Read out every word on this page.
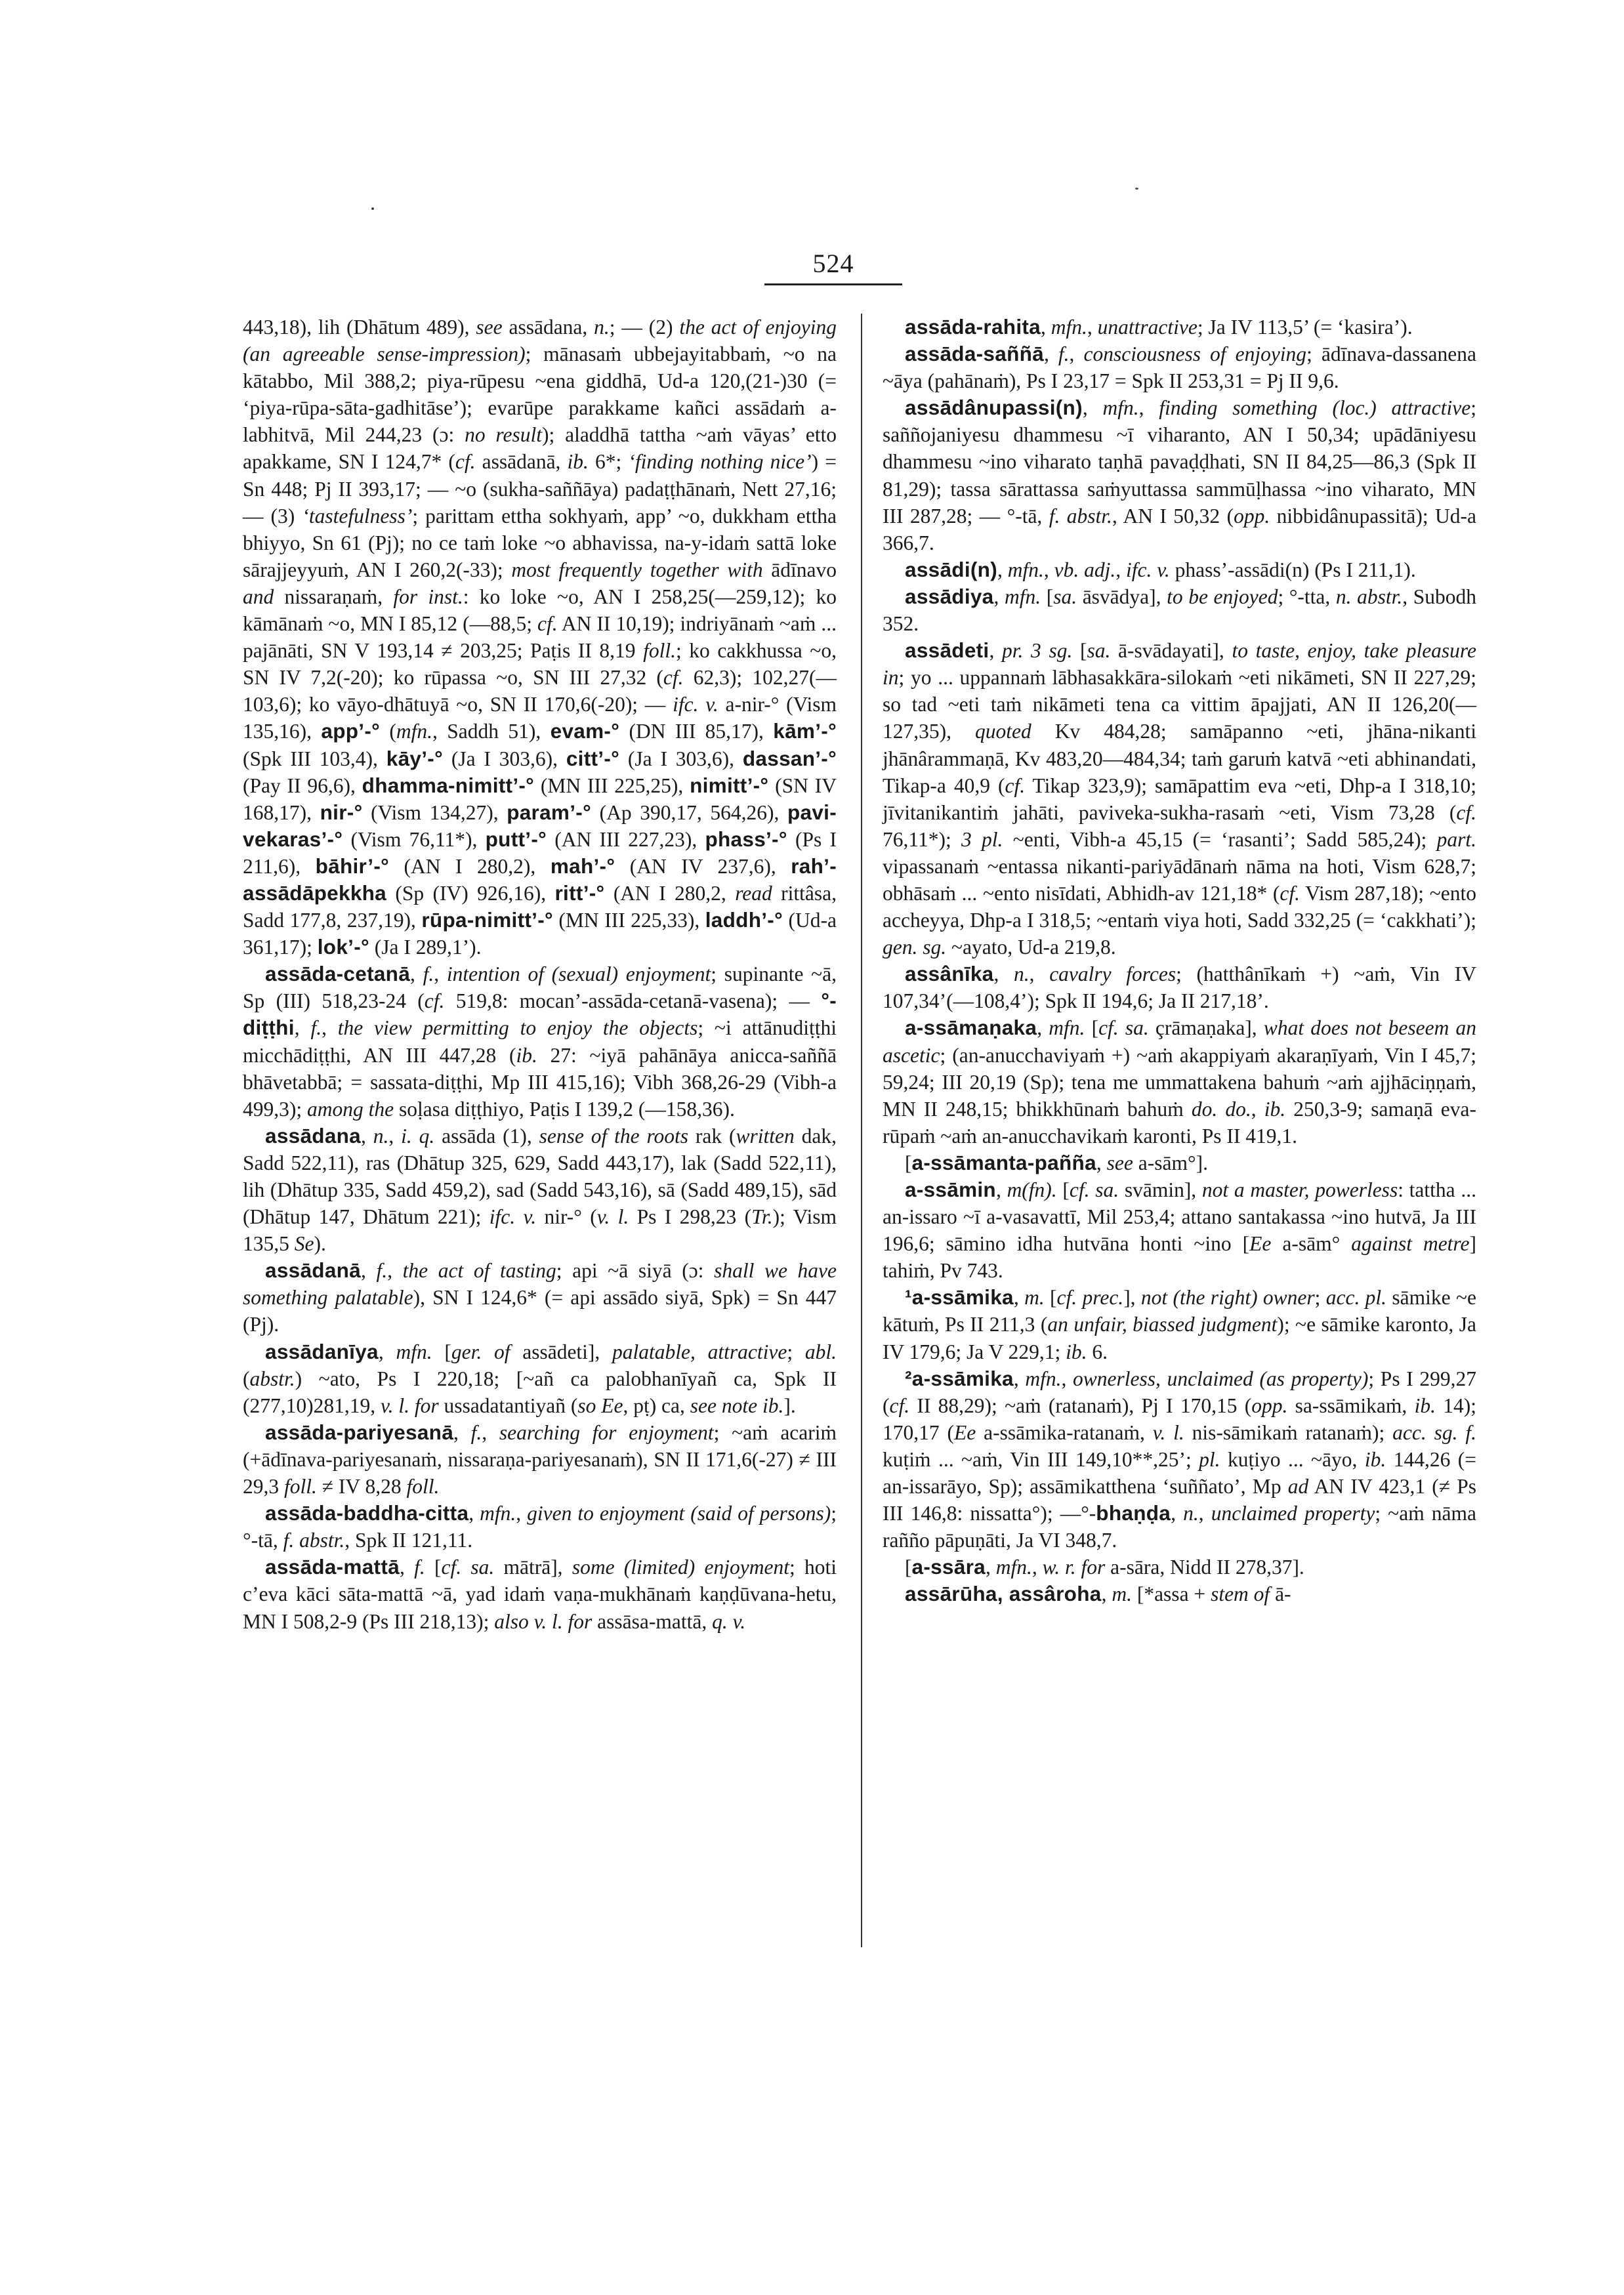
524

443,18), lih (Dhātum 489), see assādana, n.; — (2) the act of enjoying (an agreeable sense-impression); mānasaṁ ubbejayitabbaṁ, ~o na kātabbo, Mil 388,2; piya-rūpesu ~ena giddhā, Ud-a 120,(21-)30 (= ‘piya-rūpa-sāta-gadhitāse’); evarūpe parakkame kañci assādaṁ a-labhitvā, Mil 244,23 (ɔ: no result); aladdhā tattha ~aṁ vāyas’ etto apakkame, SN I 124,7* (cf. assādanā, ib. 6*; ‘finding nothing nice’) = Sn 448; Pj II 393,17; — ~o (sukha-saññāya) padaṭṭhānaṁ, Nett 27,16; — (3) ‘tastefulness’; parittam ettha sokhyaṁ, app’ ~o, dukkham ettha bhiyyo, Sn 61 (Pj); no ce taṁ loke ~o abhavissa, na-y-idaṁ sattā loke sārajjeyyuṁ, AN I 260,2(-33); most frequently together with ādīnavo and nissaraṇaṁ, for inst.: ko loke ~o, AN I 258,25(—259,12); ko kāmānaṁ ~o, MN I 85,12 (—88,5; cf. AN II 10,19); indriyānaṁ ~aṁ ... pajānāti, SN V 193,14 ≠ 203,25; Paṭis II 8,19 foll.; ko cakkhussa ~o, SN IV 7,2(-20); ko rūpassa ~o, SN III 27,32 (cf. 62,3); 102,27(—103,6); ko vāyo-dhātuyā ~o, SN II 170,6(-20); — ifc. v. a-nir-° (Vism 135,16), app’-° (mfn., Saddh 51), evam-° (DN III 85,17), kām’-° (Spk III 103,4), kāy’-° (Ja I 303,6), citt’-° (Ja I 303,6), dassan’-° (Pay II 96,6), dhamma-nimitt’-° (MN III 225,25), nimitt’-° (SN IV 168,17), nir-° (Vism 134,27), param’-° (Ap 390,17, 564,26), pavi-vekaras’-° (Vism 76,11*), putt’-° (AN III 227,23), phass’-° (Ps I 211,6), bāhir’-° (AN I 280,2), mah’-° (AN IV 237,6), rah’-assādāpekkha (Sp (IV) 926,16), ritt’-° (AN I 280,2, read rittâsa, Sadd 177,8, 237,19), rūpa-nimitt’-° (MN III 225,33), laddh’-° (Ud-a 361,17); lok’-° (Ja I 289,1’).

assāda-cetanā, f., intention of (sexual) enjoyment; supinante ~ā, Sp (III) 518,23-24 (cf. 519,8: mocan’-assāda-cetanā-vasena); — °-diṭṭhi, f., the view permitting to enjoy the objects; ~i attānudiṭṭhi micchādiṭṭhi, AN III 447,28 (ib. 27: ~iyā pahānāya anicca-saññā bhāvetabbā; = sassata-diṭṭhi, Mp III 415,16); Vibh 368,26-29 (Vibh-a 499,3); among the soḷasa diṭṭhiyo, Paṭis I 139,2 (—158,36).

assādana, n., i. q. assāda (1), sense of the roots rak (written dak, Sadd 522,11), ras (Dhātup 325, 629, Sadd 443,17), lak (Sadd 522,11), lih (Dhātup 335, Sadd 459,2), sad (Sadd 543,16), sā (Sadd 489,15), sād (Dhātup 147, Dhātum 221); ifc. v. nir-° (v. l. Ps I 298,23 (Tr.); Vism 135,5 Se).

assādanā, f., the act of tasting; api ~ā siyā (ɔ: shall we have something palatable), SN I 124,6* (= api assādo siyā, Spk) = Sn 447 (Pj).

assādanīya, mfn. [ger. of assādeti], palatable, attractive; abl.(abstr.) ~ato, Ps I 220,18; [~añ ca palobhanīyañ ca, Spk II (277,10)281,19, v. l. for ussadatantiyañ (so Ee, pṭ) ca, see note ib.].

assāda-pariyesanā, f., searching for enjoyment; ~aṁ acariṁ (+ādīnava-pariyesanaṁ, nissaraṇa-pariyesanaṁ), SN II 171,6(-27) ≠ III 29,3 foll. ≠ IV 8,28 foll.

assāda-baddha-citta, mfn., given to enjoyment (said of persons); °-tā, f. abstr., Spk II 121,11.

assāda-mattā, f. [cf. sa. mātrā], some (limited) enjoyment; hoti c’eva kāci sāta-mattā ~ā, yad idaṁ vaṇa-mukhānaṁ kaṇḍūvana-hetu, MN I 508,2-9 (Ps III 218,13); also v. l. for assāsa-mattā, q. v.

assāda-rahita, mfn., unattractive; Ja IV 113,5’ (= ‘kasira’).

assāda-saññā, f., consciousness of enjoying; ādīnava-dassanena ~āya (pahānaṁ), Ps I 23,17 = Spk II 253,31 = Pj II 9,6.

assādânupassi(n), mfn., finding something (loc.) attractive; saññojaniyesu dhammesu ~ī viharanto, AN I 50,34; upādāniyesu dhammesu ~ino viharato taṇhā pavaḍḍhati, SN II 84,25—86,3 (Spk II 81,29); tassa sārattassa saṁyuttassa sammūḷhassa ~ino viharato, MN III 287,28; — °-tā, f. abstr., AN I 50,32 (opp. nibbidânupassitā); Ud-a 366,7.

assādi(n), mfn., vb. adj., ifc. v. phass’-assādi(n) (Ps I 211,1).

assādiya, mfn. [sa. āsvādya], to be enjoyed; °-tta, n. abstr., Subodh 352.

assādeti, pr. 3 sg. [sa. ā-svādayati], to taste, enjoy, take pleasure in; yo ... uppannaṁ lābhasakkāra-silokaṁ ~eti nikāmeti, SN II 227,29; so tad ~eti taṁ nikāmeti tena ca vittim āpajjati, AN II 126,20(—127,35), quoted Kv 484,28; samāpanno ~eti, jhāna-nikanti jhānârammaṇā, Kv 483,20—484,34; taṁ garuṁ katvā ~eti abhinandati, Tikap-a 40,9 (cf. Tikap 323,9); samāpattim eva ~eti, Dhp-a I 318,10; jīvitanikantiṁ jahāti, paviveka-sukha-rasaṁ ~eti, Vism 73,28 (cf. 76,11*); 3 pl. ~enti, Vibh-a 45,15 (= ‘rasanti’; Sadd 585,24); part. vipassanaṁ ~entassa nikanti-pariyādānaṁ nāma na hoti, Vism 628,7; obhāsaṁ ... ~ento nisīdati, Abhidh-av 121,18* (cf. Vism 287,18); ~ento accheyya, Dhp-a I 318,5; ~entaṁ viya hoti, Sadd 332,25 (= ‘cakkhati’); gen. sg. ~ayato, Ud-a 219,8.

assânīka, n., cavalry forces; (hatthânīkaṁ +) ~aṁ, Vin IV 107,34’(—108,4’); Spk II 194,6; Ja II 217,18’.

a-ssāmaṇaka, mfn. [cf. sa. çrāmaṇaka], what does not beseem an ascetic; (an-anucchaviyaṁ +) ~aṁ akappiyaṁ akaraṇīyaṁ, Vin I 45,7; 59,24; III 20,19 (Sp); tena me ummattakena bahuṁ ~aṁ ajjhāciṇṇaṁ, MN II 248,15; bhikkhūnaṁ bahuṁ do. do., ib. 250,3-9; samaṇā eva-rūpaṁ ~aṁ an-anucchavikaṁ karonti, Ps II 419,1.

[a-ssāmanta-pañña, see a-sām°].

a-ssāmin, m(fn). [cf. sa. svāmin], not a master, powerless: tattha ... an-issaro ~ī a-vasavattī, Mil 253,4; attano santakassa ~ino hutvā, Ja III 196,6; sāmino idha hutvāna honti ~ino [Ee a-sām° against metre] tahiṁ, Pv 743.

¹a-ssāmika, m. [cf. prec.], not (the right) owner; acc. pl. sāmike ~e kātuṁ, Ps II 211,3 (an unfair, biassed judgment); ~e sāmike karonto, Ja IV 179,6; Ja V 229,1; ib. 6.

²a-ssāmika, mfn., ownerless, unclaimed (as property); Ps I 299,27 (cf. II 88,29); ~aṁ (ratanaṁ), Pj I 170,15 (opp. sa-ssāmikaṁ, ib. 14); 170,17 (Ee a-ssāmika-ratanaṁ, v. l. nis-sāmikaṁ ratanaṁ); acc. sg. f. kuṭiṁ ... ~aṁ, Vin III 149,10**,25’; pl. kuṭiyo ... ~āyo, ib. 144,26 (= an-issarāyo, Sp); assāmikatthena ‘suññato’, Mp ad AN IV 423,1 (≠ Ps III 146,8: nissatta°); —°-bhaṇḍa, n., unclaimed property; ~aṁ nāma rañño pāpuṇāti, Ja VI 348,7.

[a-ssāra, mfn., w. r. for a-sāra, Nidd II 278,37].

assārūha, assâroha, m. [*assa + stem of ā-
